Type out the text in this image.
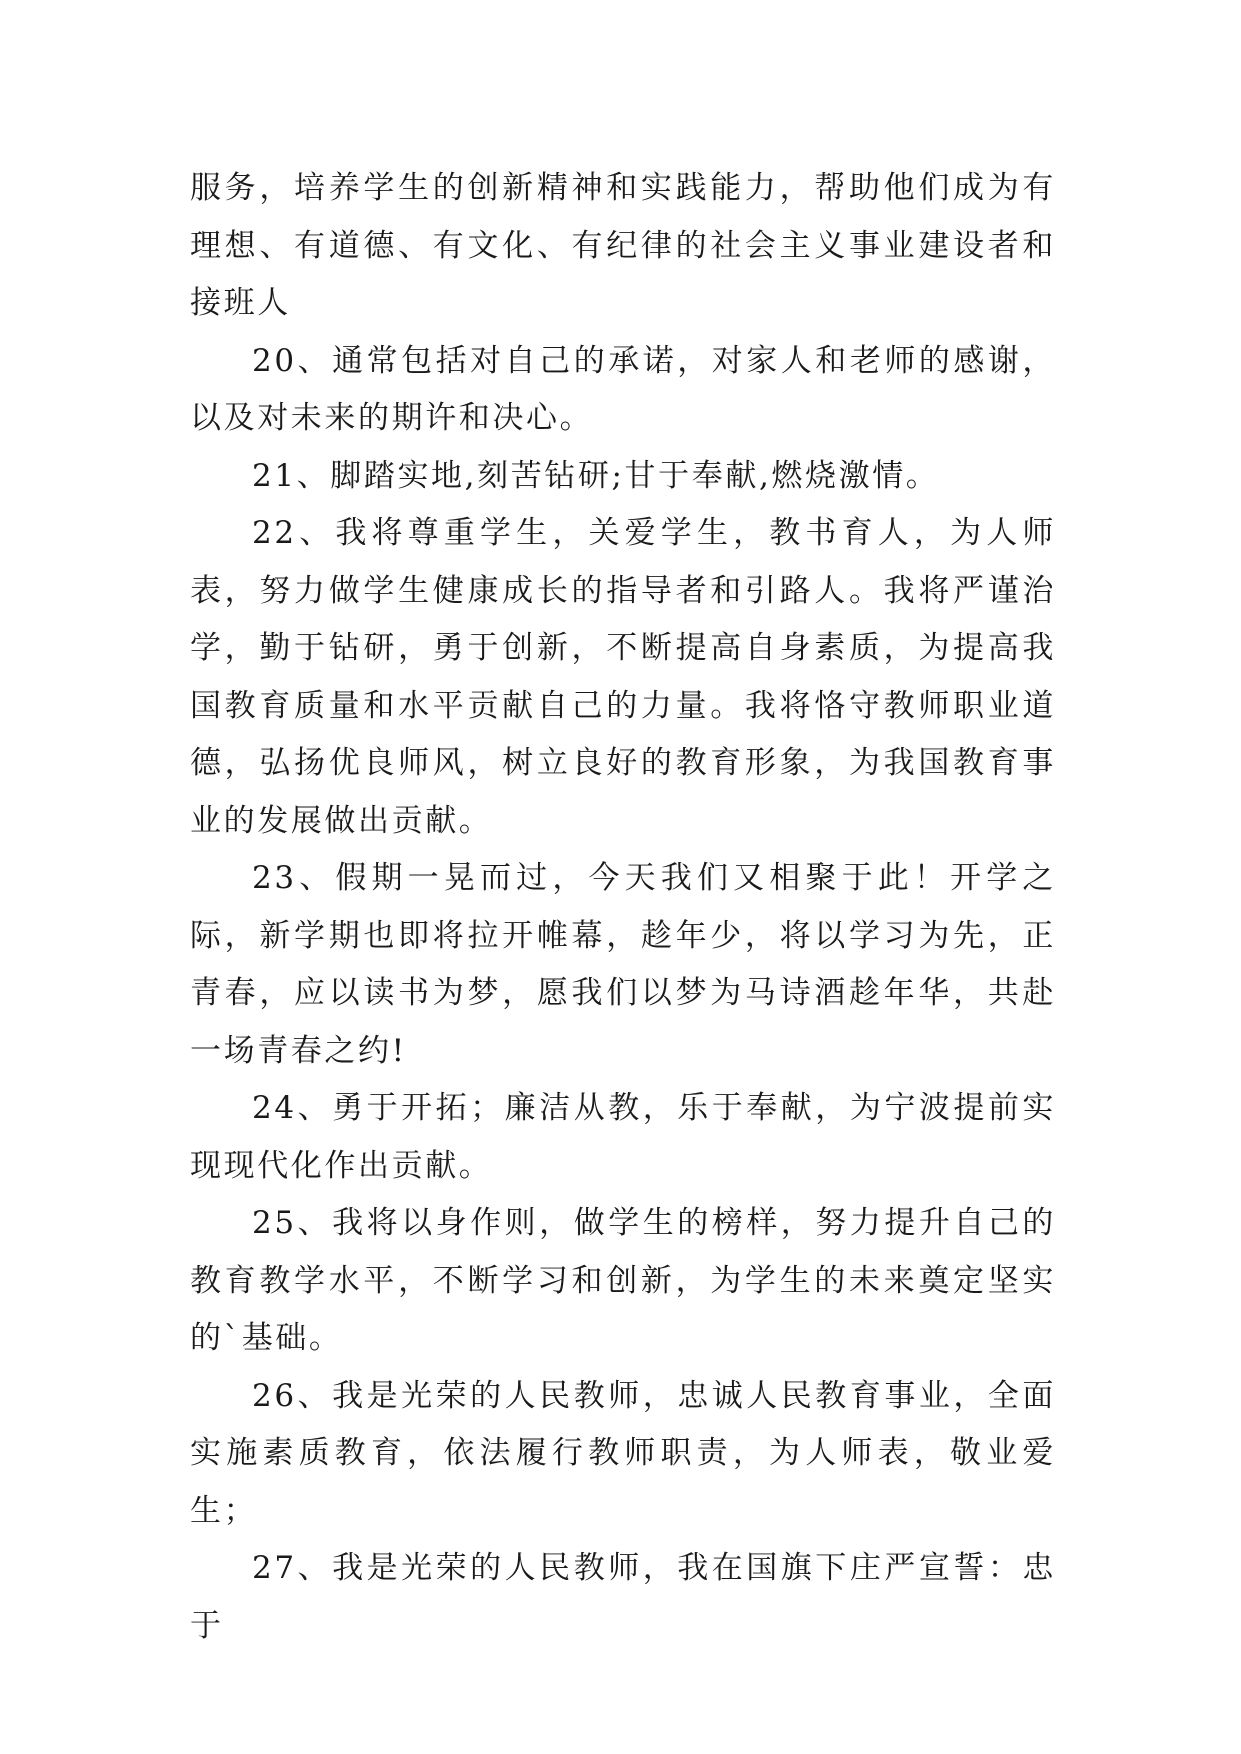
服务，培养学生的创新精神和实践能力，帮助他们成为有理想、有道德、有文化、有纪律的社会主义事业建设者和接班人

20、通常包括对自己的承诺，对家人和老师的感谢，以及对未来的期许和决心。

21、脚踏实地,刻苦钻研;甘于奉献,燃烧激情。

22、我将尊重学生，关爱学生，教书育人，为人师表，努力做学生健康成长的指导者和引路人。我将严谨治学，勤于钻研，勇于创新，不断提高自身素质，为提高我国教育质量和水平贡献自己的力量。我将恪守教师职业道德，弘扬优良师风，树立良好的教育形象，为我国教育事业的发展做出贡献。

23、假期一晃而过，今天我们又相聚于此！开学之际，新学期也即将拉开帷幕，趁年少，将以学习为先，正青春，应以读书为梦，愿我们以梦为马诗酒趁年华，共赴一场青春之约!

24、勇于开拓；廉洁从教，乐于奉献，为宁波提前实现现代化作出贡献。

25、我将以身作则，做学生的榜样，努力提升自己的教育教学水平，不断学习和创新，为学生的未来奠定坚实的`基础。

26、我是光荣的人民教师，忠诚人民教育事业，全面实施素质教育，依法履行教师职责，为人师表，敬业爱生；

27、我是光荣的人民教师，我在国旗下庄严宣誓：忠于
